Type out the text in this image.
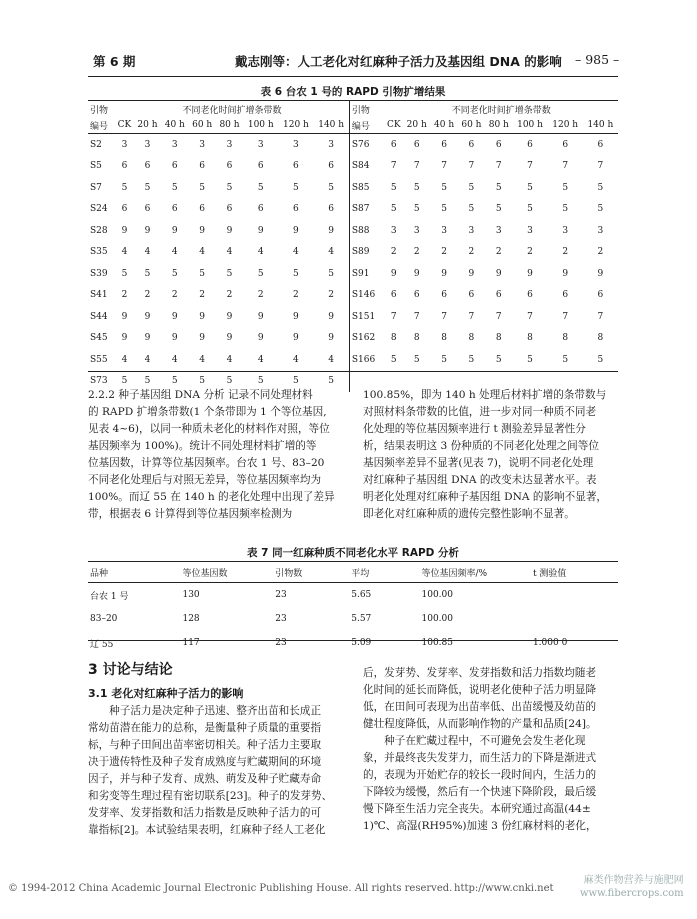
第 6 期	戴志刚等：人工老化对红麻种子活力及基因组 DNA 的影响 – 985 –
表 6 台农 1 号的 RAPD 引物扩增结果
引物	不同老化时间扩增条带数								引物	不同老化时间扩增条带数							
编号	CK	20 h	40 h	60 h	80 h	100 h	120 h	140 h	编号	CK	20 h	40 h	60 h	80 h	100 h	120 h	140 h
S2	3	3	3	3	3	3	3	3	S76	6	6	6	6	6	6	6	6
S5	6	6	6	6	6	6	6	6	S84	7	7	7	7	7	7	7	7
S7	5	5	5	5	5	5	5	5	S85	5	5	5	5	5	5	5	5
S24	6	6	6	6	6	6	6	6	S87	5	5	5	5	5	5	5	5
S28	9	9	9	9	9	9	9	9	S88	3	3	3	3	3	3	3	3
S35	4	4	4	4	4	4	4	4	S89	2	2	2	2	2	2	2	2
S39	5	5	5	5	5	5	5	5	S91	9	9	9	9	9	9	9	9
S41	2	2	2	2	2	2	2	2	S146	6	6	6	6	6	6	6	6
S44	9	9	9	9	9	9	9	9	S151	7	7	7	7	7	7	7	7
S45	9	9	9	9	9	9	9	9	S162	8	8	8	8	8	8	8	8
S55	4	4	4	4	4	4	4	4	S166	5	5	5	5	5	5	5	5
S73	5	5	5	5	5	5	5	5									
2.2.2 种子基因组 DNA 分析 记录不同处理材料
的 RAPD 扩增条带数(1 个条带即为 1 个等位基因,
见表 4~6)，以同一种质未老化的材料作对照，等位
基因频率为 100%)。统计不同处理材料扩增的等
位基因数，计算等位基因频率。台农 1 号、83–20
不同老化处理后与对照无差异，等位基因频率均为
100%。而辽 55 在 140 h 的老化处理中出现了差异
带，根据表 6 计算得到等位基因频率检测为
100.85%，即为 140 h 处理后材料扩增的条带数与
对照材料条带数的比值，进一步对同一种质不同老
化处理的等位基因频率进行 t 测验差异显著性分
析，结果表明这 3 份种质的不同老化处理之间等位
基因频率差异不显著(见表 7)，说明不同老化处理
对红麻种子基因组 DNA 的改变未达显著水平。表
明老化处理对红麻种子基因组 DNA 的影响不显著，
即老化对红麻种质的遗传完整性影响不显著。
表 7 同一红麻种质不同老化水平 RAPD 分析
品种	等位基因数	引物数	平均	等位基因频率/%	t 测验值
台农 1 号	130	23	5.65	100.00	
83–20	128	23	5.57	100.00	
辽 55	117	23	5.09	100.85	1.000 0
3 讨论与结论
3.1 老化对红麻种子活力的影响
　　种子活力是决定种子迅速、整齐出苗和长成正
常幼苗潜在能力的总称，是衡量种子质量的重要指
标，与种子田间出苗率密切相关。种子活力主要取
决于遗传特性及种子发育成熟度与贮藏期间的环境
因子，并与种子发育、成熟、萌发及种子贮藏寿命
和劣变等生理过程有密切联系[23]。种子的发芽势、
发芽率、发芽指数和活力指数是反映种子活力的可
靠指标[2]。本试验结果表明，红麻种子经人工老化
后，发芽势、发芽率、发芽指数和活力指数均随老
化时间的延长而降低，说明老化使种子活力明显降
低，在田间可表现为出苗率低、出苗缓慢及幼苗的
健壮程度降低，从而影响作物的产量和品质[24]。
　　种子在贮藏过程中，不可避免会发生老化现
象，并最终丧失发芽力，而生活力的下降是渐进式
的，表现为开始贮存的较长一段时间内，生活力的
下降较为缓慢，然后有一个快速下降阶段，最后缓
慢下降至生活力完全丧失。本研究通过高温(44±
1)℃、高湿(RH95%)加速 3 份红麻材料的老化，
© 1994-2012 China Academic Journal Electronic Publishing House. All rights reserved. http://www.cnki.net
麻类作物营养与施肥网
www.fibercrops.com
